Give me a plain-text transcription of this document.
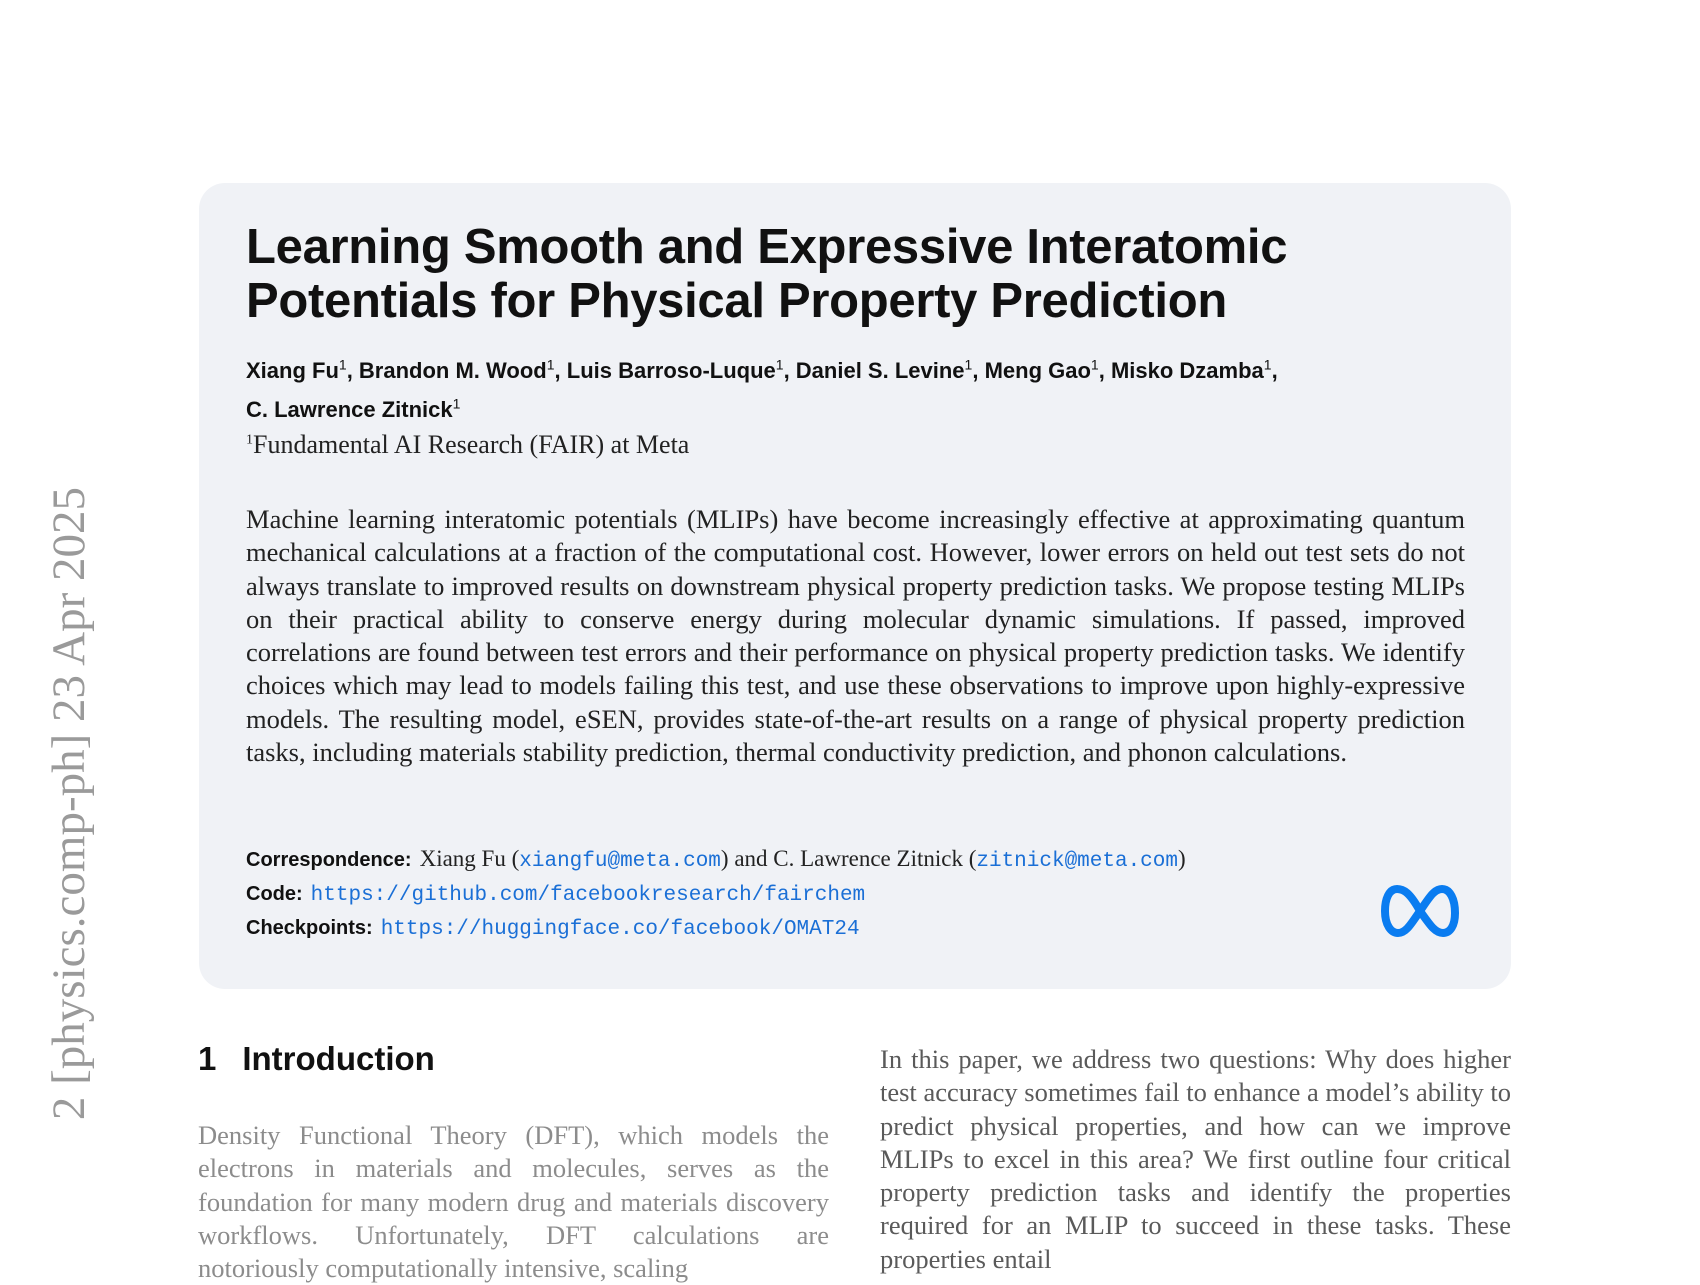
2 [physics.comp-ph] 23 Apr 2025
Learning Smooth and Expressive Interatomic Potentials for Physical Property Prediction
Xiang Fu$^1$, Brandon M. Wood$^1$, Luis Barroso-Luque$^1$, Daniel S. Levine$^1$, Meng Gao$^1$, Misko Dzamba$^1$,
C. Lawrence Zitnick$^1$
$^1$Fundamental AI Research (FAIR) at Meta
Machine learning interatomic potentials (MLIPs) have become increasingly effective at approximating quantum mechanical calculations at a fraction of the computational cost. However, lower errors on held out test sets do not always translate to improved results on downstream physical property prediction tasks. We propose testing MLIPs on their practical ability to conserve energy during molecular dynamic simulations. If passed, improved correlations are found between test errors and their performance on physical property prediction tasks. We identify choices which may lead to models failing this test, and use these observations to improve upon highly-expressive models. The resulting model, eSEN, provides state-of-the-art results on a range of physical property prediction tasks, including materials stability prediction, thermal conductivity prediction, and phonon calculations.
Correspondence: Xiang Fu (xiangfu@meta.com) and C. Lawrence Zitnick (zitnick@meta.com)
Code: https://github.com/facebookresearch/fairchem
Checkpoints: https://huggingface.co/facebook/OMAT24
1 Introduction
Density Functional Theory (DFT), which models the electrons in materials and molecules, serves as the foundation for many modern drug and materials discovery workflows. Unfortunately, DFT calculations are notoriously computationally intensive, scaling
In this paper, we address two questions: Why does higher test accuracy sometimes fail to enhance a model’s ability to predict physical properties, and how can we improve MLIPs to excel in this area? We first outline four critical property prediction tasks and identify the properties required for an MLIP to succeed in these tasks. These properties entail
